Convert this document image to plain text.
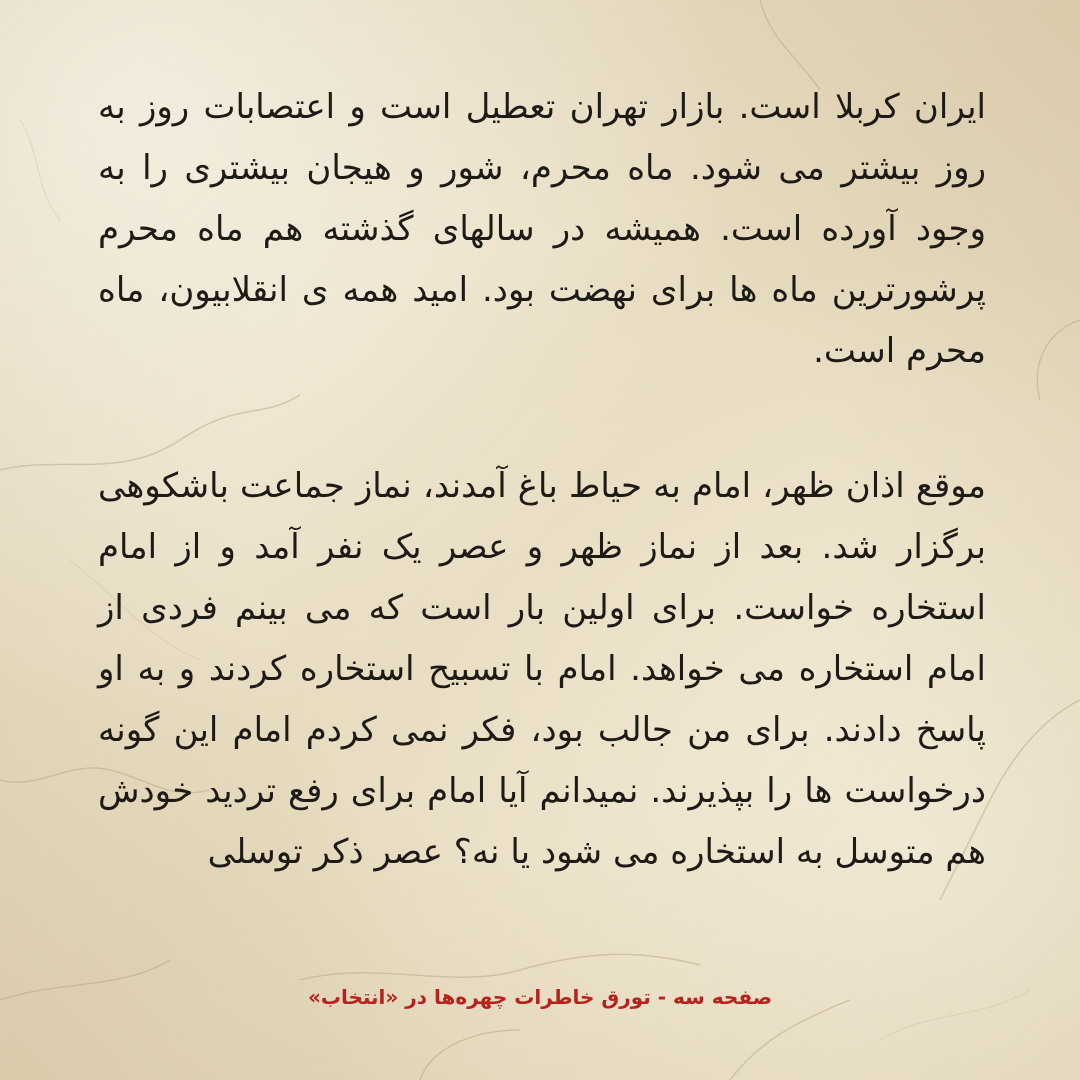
ایران کربلا است. بازار تهران تعطیل است و اعتصابات روز به روز بیشتر می شود. ماه محرم، شور و هیجان بیشتری را به وجود آورده است. همیشه در سالهای گذشته هم ماه محرم پرشورترین ماه ها برای نهضت بود. امید همه ی انقلابیون، ماه محرم است.

موقع اذان ظهر، امام به حیاط باغ آمدند، نماز جماعت باشکوهی برگزار شد. بعد از نماز ظهر و عصر یک نفر آمد و از امام استخاره خواست. برای اولین بار است که می بینم فردی از امام استخاره می خواهد. امام با تسبیح استخاره کردند و به او پاسخ دادند. برای من جالب بود، فکر نمی کردم امام این گونه درخواست ها را بپذیرند. نمیدانم آیا امام برای رفع تردید خودش هم متوسل به استخاره می شود یا نه؟ عصر ذکر توسلی

صفحه سه - تورق خاطرات چهره‌ها در «انتخاب»
